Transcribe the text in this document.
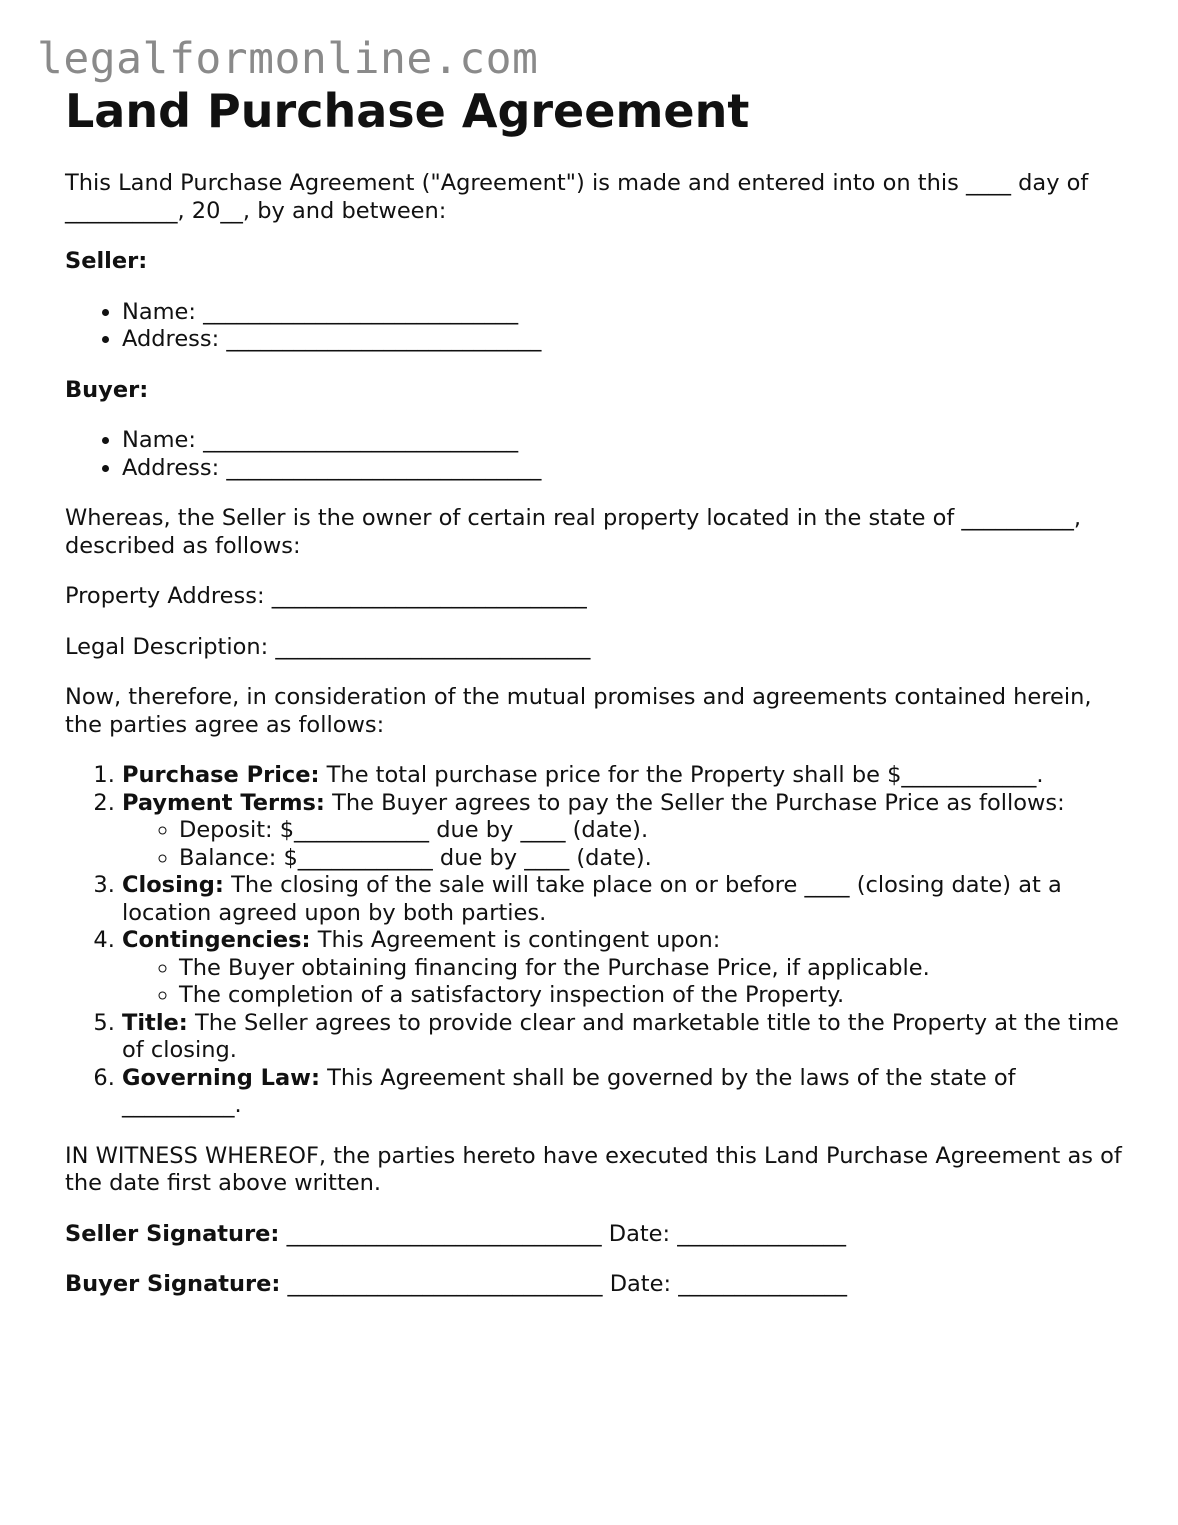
legalformonline.com
Land Purchase Agreement

This Land Purchase Agreement ("Agreement") is made and entered into on this ____ day of __________, 20__, by and between:

Seller:

• Name: ____________________________
• Address: ____________________________

Buyer:

• Name: ____________________________
• Address: ____________________________

Whereas, the Seller is the owner of certain real property located in the state of __________, described as follows:

Property Address: ____________________________

Legal Description: ____________________________

Now, therefore, in consideration of the mutual promises and agreements contained herein, the parties agree as follows:

1. Purchase Price: The total purchase price for the Property shall be $____________.
2. Payment Terms: The Buyer agrees to pay the Seller the Purchase Price as follows:
◦ Deposit: $____________ due by ____ (date).
◦ Balance: $____________ due by ____ (date).
3. Closing: The closing of the sale will take place on or before ____ (closing date) at a location agreed upon by both parties.
4. Contingencies: This Agreement is contingent upon:
◦ The Buyer obtaining financing for the Purchase Price, if applicable.
◦ The completion of a satisfactory inspection of the Property.
5. Title: The Seller agrees to provide clear and marketable title to the Property at the time of closing.
6. Governing Law: This Agreement shall be governed by the laws of the state of __________.

IN WITNESS WHEREOF, the parties hereto have executed this Land Purchase Agreement as of the date first above written.

Seller Signature: ____________________________ Date: _______________

Buyer Signature: ____________________________ Date: _______________
